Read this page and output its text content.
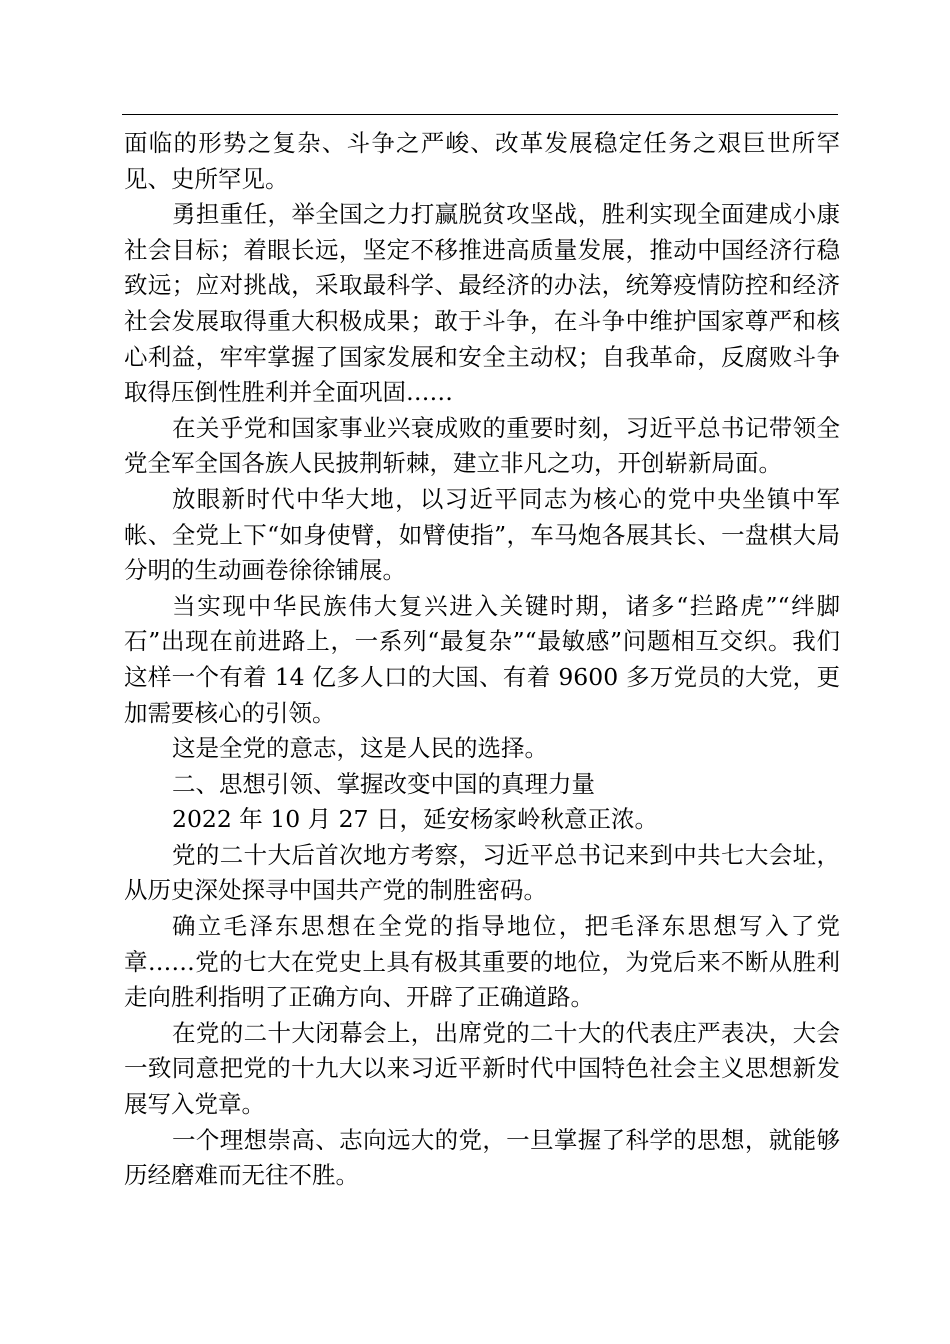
面临的形势之复杂、斗争之严峻、改革发展稳定任务之艰巨世所罕见、史所罕见。

勇担重任，举全国之力打赢脱贫攻坚战，胜利实现全面建成小康社会目标；着眼长远，坚定不移推进高质量发展，推动中国经济行稳致远；应对挑战，采取最科学、最经济的办法，统筹疫情防控和经济社会发展取得重大积极成果；敢于斗争，在斗争中维护国家尊严和核心利益，牢牢掌握了国家发展和安全主动权；自我革命，反腐败斗争取得压倒性胜利并全面巩固……

在关乎党和国家事业兴衰成败的重要时刻，习近平总书记带领全党全军全国各族人民披荆斩棘，建立非凡之功，开创崭新局面。

放眼新时代中华大地，以习近平同志为核心的党中央坐镇中军帐、全党上下“如身使臂，如臂使指”，车马炮各展其长、一盘棋大局分明的生动画卷徐徐铺展。

当实现中华民族伟大复兴进入关键时期，诸多“拦路虎”“绊脚石”出现在前进路上，一系列“最复杂”“最敏感”问题相互交织。我们这样一个有着 14 亿多人口的大国、有着 9600 多万党员的大党，更加需要核心的引领。

这是全党的意志，这是人民的选择。

二、思想引领、掌握改变中国的真理力量

2022 年 10 月 27 日，延安杨家岭秋意正浓。

党的二十大后首次地方考察，习近平总书记来到中共七大会址，从历史深处探寻中国共产党的制胜密码。

确立毛泽东思想在全党的指导地位，把毛泽东思想写入了党章……党的七大在党史上具有极其重要的地位，为党后来不断从胜利走向胜利指明了正确方向、开辟了正确道路。

在党的二十大闭幕会上，出席党的二十大的代表庄严表决，大会一致同意把党的十九大以来习近平新时代中国特色社会主义思想新发展写入党章。

一个理想崇高、志向远大的党，一旦掌握了科学的思想，就能够历经磨难而无往不胜。
